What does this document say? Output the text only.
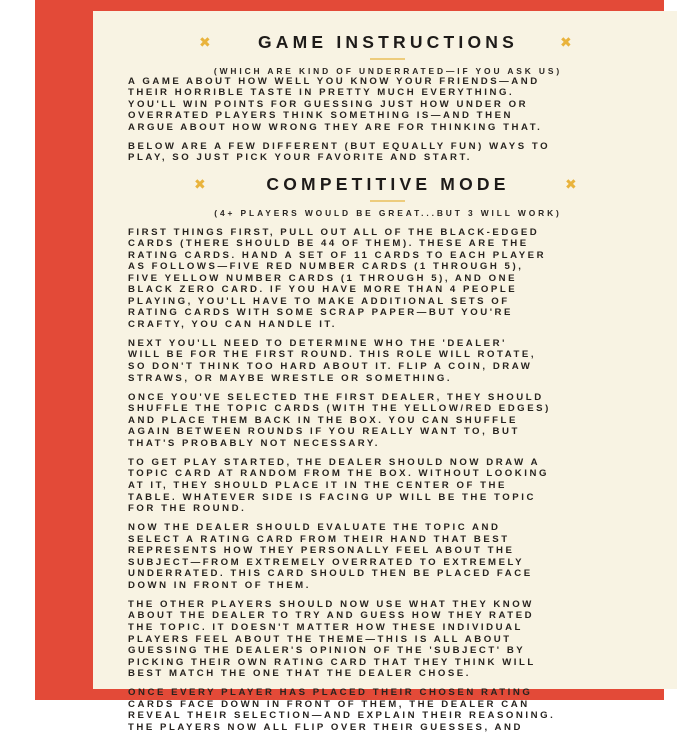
✖	GAME INSTRUCTIONS	✖
(WHICH ARE KIND OF UNDERRATED—IF YOU ASK US)

A GAME ABOUT HOW WELL YOU KNOW YOUR FRIENDS—AND
THEIR HORRIBLE TASTE IN PRETTY MUCH EVERYTHING.
YOU'LL WIN POINTS FOR GUESSING JUST HOW UNDER OR
OVERRATED PLAYERS THINK SOMETHING IS—AND THEN
ARGUE ABOUT HOW WRONG THEY ARE FOR THINKING THAT.

BELOW ARE A FEW DIFFERENT (BUT EQUALLY FUN) WAYS TO
PLAY, SO JUST PICK YOUR FAVORITE AND START.

✖	COMPETITIVE MODE	✖
(4+ PLAYERS WOULD BE GREAT...BUT 3 WILL WORK)

FIRST THINGS FIRST, PULL OUT ALL OF THE BLACK-EDGED
CARDS (THERE SHOULD BE 44 OF THEM). THESE ARE THE
RATING CARDS. HAND A SET OF 11 CARDS TO EACH PLAYER
AS FOLLOWS—FIVE RED NUMBER CARDS (1 THROUGH 5),
FIVE YELLOW NUMBER CARDS (1 THROUGH 5), AND ONE
BLACK ZERO CARD. IF YOU HAVE MORE THAN 4 PEOPLE
PLAYING, YOU'LL HAVE TO MAKE ADDITIONAL SETS OF
RATING CARDS WITH SOME SCRAP PAPER—BUT YOU'RE
CRAFTY, YOU CAN HANDLE IT.

NEXT YOU'LL NEED TO DETERMINE WHO THE 'DEALER'
WILL BE FOR THE FIRST ROUND. THIS ROLE WILL ROTATE,
SO DON'T THINK TOO HARD ABOUT IT. FLIP A COIN, DRAW
STRAWS, OR MAYBE WRESTLE OR SOMETHING.

ONCE YOU'VE SELECTED THE FIRST DEALER, THEY SHOULD
SHUFFLE THE TOPIC CARDS (WITH THE YELLOW/RED EDGES)
AND PLACE THEM BACK IN THE BOX. YOU CAN SHUFFLE
AGAIN BETWEEN ROUNDS IF YOU REALLY WANT TO, BUT
THAT'S PROBABLY NOT NECESSARY.

TO GET PLAY STARTED, THE DEALER SHOULD NOW DRAW A
TOPIC CARD AT RANDOM FROM THE BOX. WITHOUT LOOKING
AT IT, THEY SHOULD PLACE IT IN THE CENTER OF THE
TABLE. WHATEVER SIDE IS FACING UP WILL BE THE TOPIC
FOR THE ROUND.

NOW THE DEALER SHOULD EVALUATE THE TOPIC AND
SELECT A RATING CARD FROM THEIR HAND THAT BEST
REPRESENTS HOW THEY PERSONALLY FEEL ABOUT THE
SUBJECT—FROM EXTREMELY OVERRATED TO EXTREMELY
UNDERRATED. THIS CARD SHOULD THEN BE PLACED FACE
DOWN IN FRONT OF THEM.

THE OTHER PLAYERS SHOULD NOW USE WHAT THEY KNOW
ABOUT THE DEALER TO TRY AND GUESS HOW THEY RATED
THE TOPIC. IT DOESN'T MATTER HOW THESE INDIVIDUAL
PLAYERS FEEL ABOUT THE THEME—THIS IS ALL ABOUT
GUESSING THE DEALER'S OPINION OF THE 'SUBJECT' BY
PICKING THEIR OWN RATING CARD THAT THEY THINK WILL
BEST MATCH THE ONE THAT THE DEALER CHOSE.

ONCE EVERY PLAYER HAS PLACED THEIR CHOSEN RATING
CARDS FACE DOWN IN FRONT OF THEM, THE DEALER CAN
REVEAL THEIR SELECTION—AND EXPLAIN THEIR REASONING.
THE PLAYERS NOW ALL FLIP OVER THEIR GUESSES, AND
